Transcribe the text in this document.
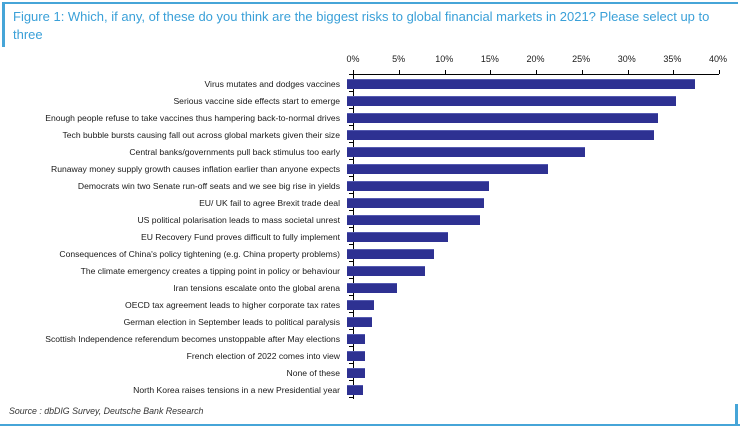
Figure 1: Which, if any, of these do you think are the biggest risks to global financial markets in 2021? Please select up to three
0%	5%	10%	15%	20%	25%	30%	35%	40%
Virus mutates and dodges vaccines
Serious vaccine side effects start to emerge
Enough people refuse to take vaccines thus hampering back-to-normal drives
Tech bubble bursts causing fall out across global markets given their size
Central banks/governments pull back stimulus too early
Runaway money supply growth causes inflation earlier than anyone expects
Democrats win two Senate run-off seats and we see big rise in yields
EU/ UK fail to agree Brexit trade deal
US political polarisation leads to mass societal unrest
EU Recovery Fund proves difficult to fully implement
Consequences of China's policy tightening (e.g. China property problems)
The climate emergency creates a tipping point in policy or behaviour
Iran tensions escalate onto the global arena
OECD tax agreement leads to higher corporate tax rates
German election in September leads to political paralysis
Scottish Independence referendum becomes unstoppable after May elections
French election of 2022 comes into view
None of these
North Korea raises tensions in a new Presidential year
Source : dbDIG Survey, Deutsche Bank Research
